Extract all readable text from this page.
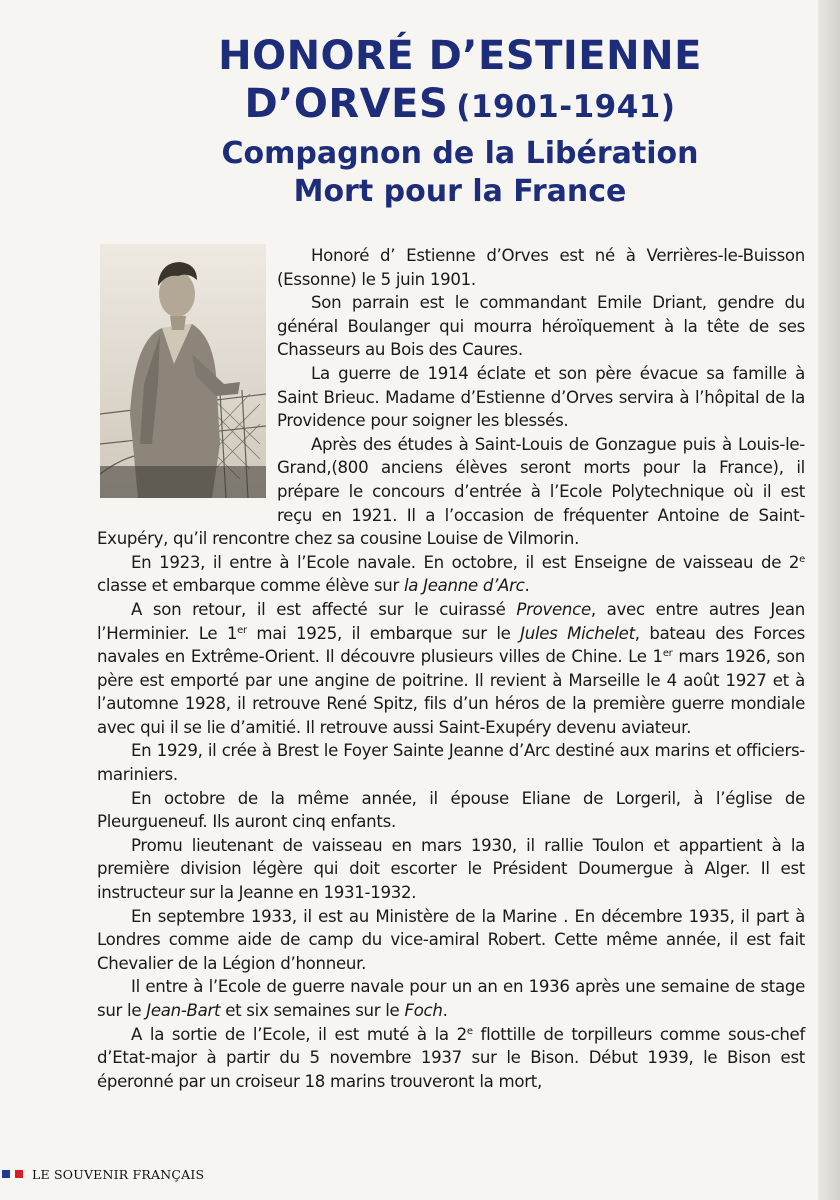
HONORÉ D’ESTIENNE
D’ORVES (1901-1941)
Compagnon de la Libération
Mort pour la France

Honoré d’ Estienne d’Orves est né à Verrières-le-Buisson (Essonne) le 5 juin 1901.

Son parrain est le commandant Emile Driant, gendre du général Boulanger qui mourra héroïquement à la tête de ses Chasseurs au Bois des Caures.

La guerre de 1914 éclate et son père évacue sa famille à Saint Brieuc. Madame d’Estienne d’Orves servira à l’hôpital de la Providence pour soigner les blessés.

Après des études à Saint-Louis de Gonzague puis à Louis-le-Grand,(800 anciens élèves seront morts pour la France), il prépare le concours d’entrée à l’Ecole Polytechnique où il est reçu en 1921. Il a l’occasion de fréquenter Antoine de Saint-Exupéry, qu’il rencontre chez sa cousine Louise de Vilmorin.

En 1923, il entre à l’Ecole navale. En octobre, il est Enseigne de vaisseau de 2e classe et embarque comme élève sur la Jeanne d’Arc.

A son retour, il est affecté sur le cuirassé Provence, avec entre autres Jean l’Herminier. Le 1er mai 1925, il embarque sur le Jules Michelet, bateau des Forces navales en Extrême-Orient. Il découvre plusieurs villes de Chine. Le 1er mars 1926, son père est emporté par une angine de poitrine. Il revient à Marseille le 4 août 1927 et à l’automne 1928, il retrouve René Spitz, fils d’un héros de la première guerre mondiale avec qui il se lie d’amitié. Il retrouve aussi Saint-Exupéry devenu aviateur.

En 1929, il crée à Brest le Foyer Sainte Jeanne d’Arc destiné aux marins et officiers-mariniers.

En octobre de la même année, il épouse Eliane de Lorgeril, à l’église de Pleurgueneuf. Ils auront cinq enfants.

Promu lieutenant de vaisseau en mars 1930, il rallie Toulon et appartient à la première division légère qui doit escorter le Président Doumergue à Alger. Il est instructeur sur la Jeanne en 1931-1932.

En septembre 1933, il est au Ministère de la Marine . En décembre 1935, il part à Londres comme aide de camp du vice-amiral Robert. Cette même année, il est fait Chevalier de la Légion d’honneur.

Il entre à l’Ecole de guerre navale pour un an en 1936 après une semaine de stage sur le Jean-Bart et six semaines sur le Foch.

A la sortie de l’Ecole, il est muté à la 2e flottille de torpilleurs comme sous-chef d’Etat-major à partir du 5 novembre 1937 sur le Bison. Début 1939, le Bison est éperonné par un croiseur 18 marins trouveront la mort,

LE SOUVENIR FRANÇAIS
